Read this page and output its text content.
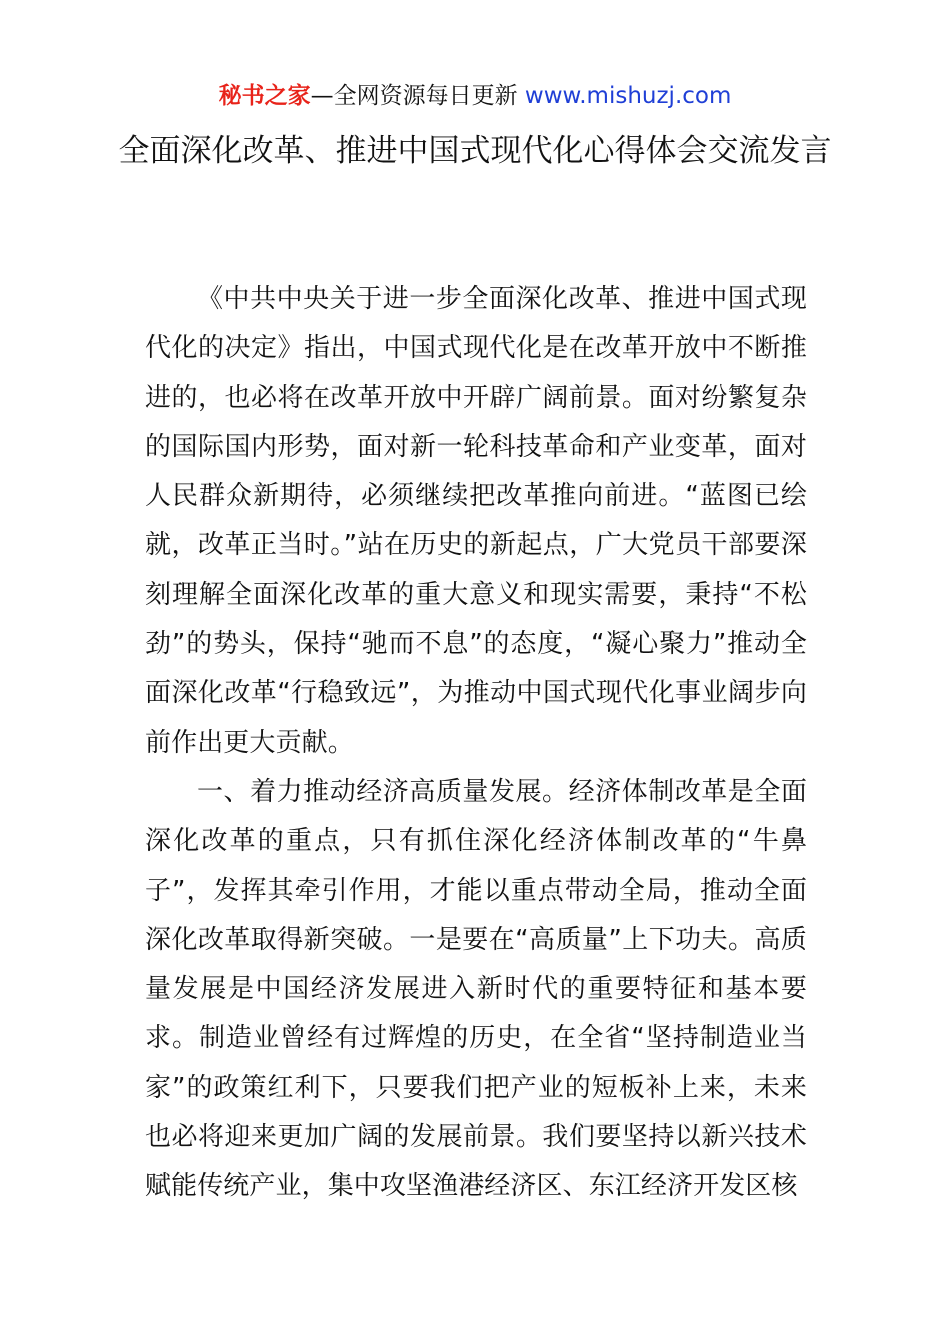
秘书之家—全网资源每日更新 www.mishuzj.com
全面深化改革、推进中国式现代化心得体会交流发言

《中共中央关于进一步全面深化改革、推进中国式现代化的决定》指出，中国式现代化是在改革开放中不断推进的，也必将在改革开放中开辟广阔前景。面对纷繁复杂的国际国内形势，面对新一轮科技革命和产业变革，面对人民群众新期待，必须继续把改革推向前进。“蓝图已绘就，改革正当时。”站在历史的新起点，广大党员干部要深刻理解全面深化改革的重大意义和现实需要，秉持“不松劲”的势头，保持“驰而不息”的态度，“凝心聚力”推动全面深化改革“行稳致远”，为推动中国式现代化事业阔步向前作出更大贡献。

一、着力推动经济高质量发展。经济体制改革是全面深化改革的重点，只有抓住深化经济体制改革的“牛鼻子”，发挥其牵引作用，才能以重点带动全局，推动全面深化改革取得新突破。一是要在“高质量”上下功夫。高质量发展是中国经济发展进入新时代的重要特征和基本要求。制造业曾经有过辉煌的历史，在全省“坚持制造业当家”的政策红利下，只要我们把产业的短板补上来，未来也必将迎来更加广阔的发展前景。我们要坚持以新兴技术赋能传统产业，集中攻坚渔港经济区、东江经济开发区核
